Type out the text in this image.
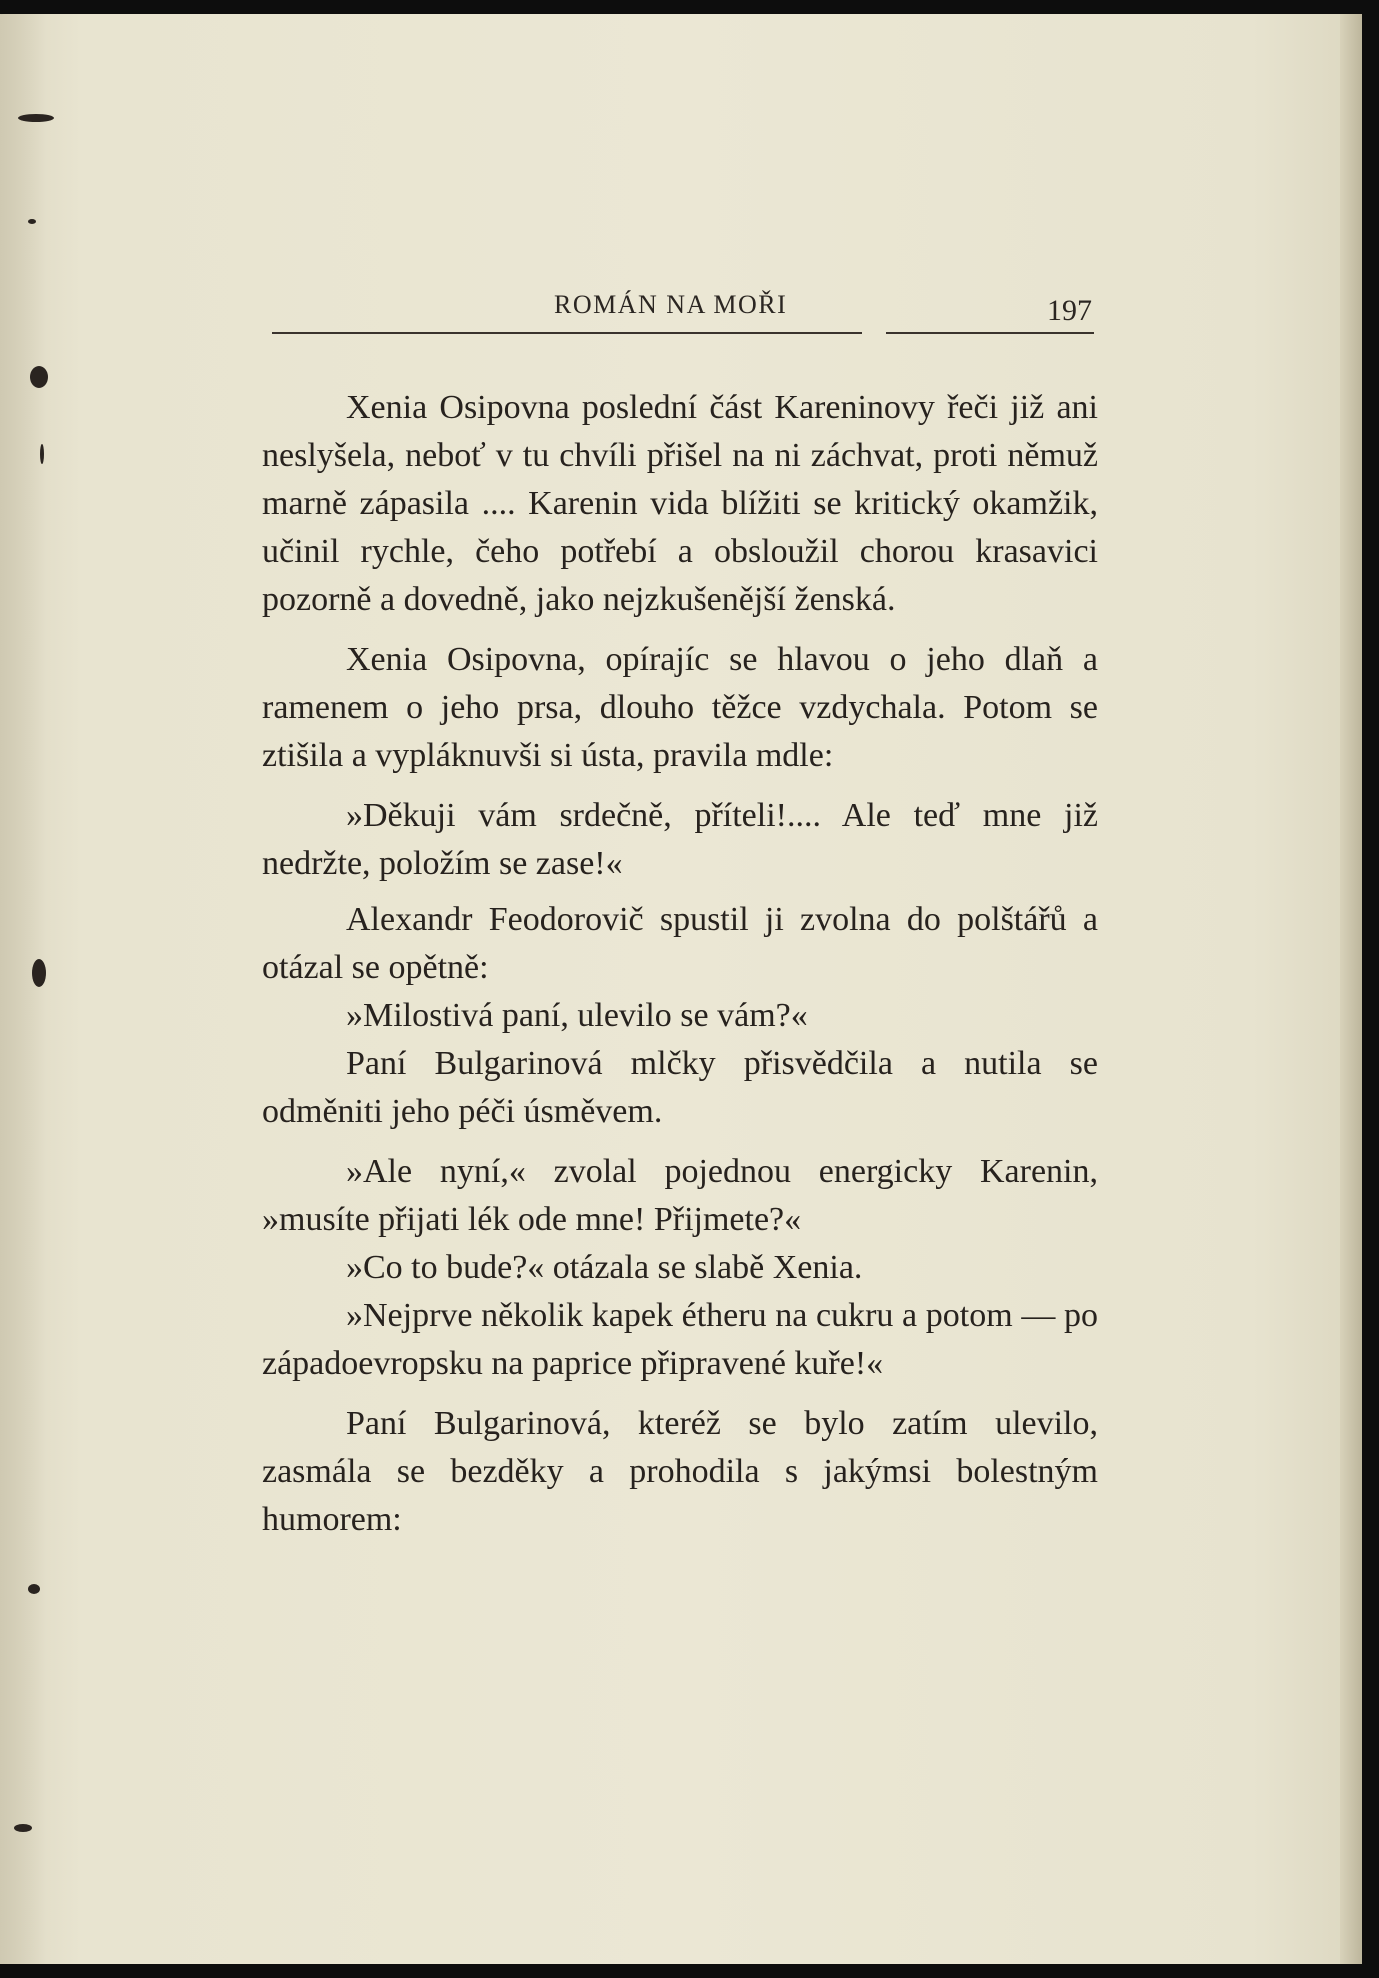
ROMÁN NA MOŘI	197

Xenia Osipovna poslední část Kareninovy řeči již ani neslyšela, neboť v tu chvíli přišel na ni záchvat, proti němuž marně zápasila .... Karenin vida blížiti se kritický okamžik, učinil rychle, čeho potřebí a obsloužil chorou krasavici pozorně a dovedně, jako nejzkušenější ženská.

Xenia Osipovna, opírajíc se hlavou o jeho dlaň a ramenem o jeho prsa, dlouho těžce vzdychala. Potom se ztišila a vypláknuvši si ústa, pravila mdle:

»Děkuji vám srdečně, příteli!.... Ale teď mne již nedržte, položím se zase!«

Alexandr Feodorovič spustil ji zvolna do polštářů a otázal se opětně:

»Milostivá paní, ulevilo se vám?«

Paní Bulgarinová mlčky přisvědčila a nutila se odměniti jeho péči úsměvem.

»Ale nyní,« zvolal pojednou energicky Karenin, »musíte přijati lék ode mne! Přijmete?«

»Co to bude?« otázala se slabě Xenia.

»Nejprve několik kapek étheru na cukru a potom — po západoevropsku na paprice připravené kuře!«

Paní Bulgarinová, kteréž se bylo zatím ulevilo, zasmála se bezděky a prohodila s jakýmsi bolestným humorem:
